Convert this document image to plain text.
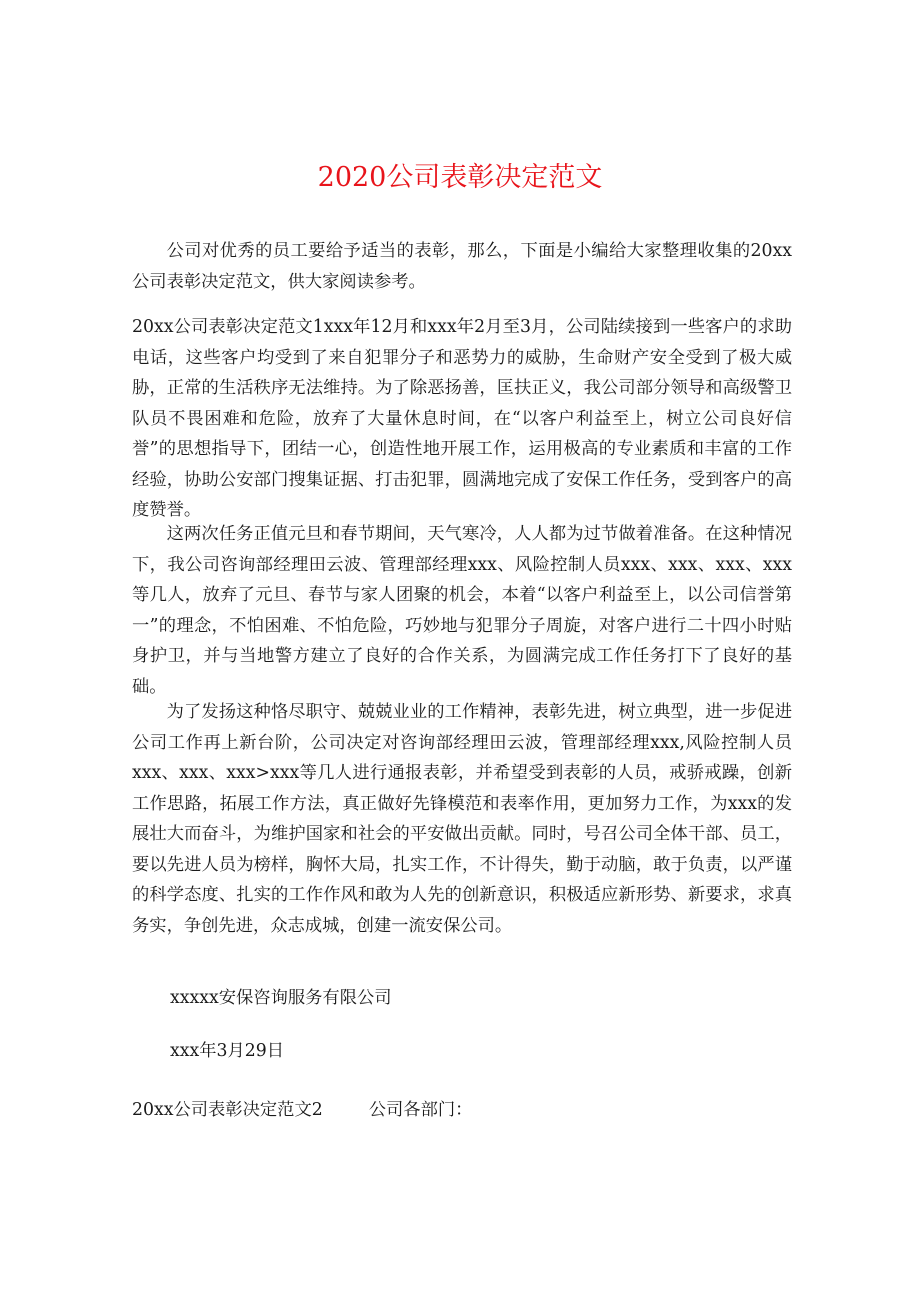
2020公司表彰决定范文

公司对优秀的员工要给予适当的表彰，那么，下面是小编给大家整理收集的20xx公司表彰决定范文，供大家阅读参考。

20xx公司表彰决定范文1xxx年12月和xxx年2月至3月，公司陆续接到一些客户的求助电话，这些客户均受到了来自犯罪分子和恶势力的威胁，生命财产安全受到了极大威胁，正常的生活秩序无法维持。为了除恶扬善，匡扶正义，我公司部分领导和高级警卫队员不畏困难和危险，放弃了大量休息时间，在“以客户利益至上，树立公司良好信誉”的思想指导下，团结一心，创造性地开展工作，运用极高的专业素质和丰富的工作经验，协助公安部门搜集证据、打击犯罪，圆满地完成了安保工作任务，受到客户的高度赞誉。

这两次任务正值元旦和春节期间，天气寒冷，人人都为过节做着准备。在这种情况下，我公司咨询部经理田云波、管理部经理xxx、风险控制人员xxx、xxx、xxx、xxx等几人，放弃了元旦、春节与家人团聚的机会，本着“以客户利益至上，以公司信誉第一”的理念，不怕困难、不怕危险，巧妙地与犯罪分子周旋，对客户进行二十四小时贴身护卫，并与当地警方建立了良好的合作关系，为圆满完成工作任务打下了良好的基础。

为了发扬这种恪尽职守、兢兢业业的工作精神，表彰先进，树立典型，进一步促进公司工作再上新台阶，公司决定对咨询部经理田云波，管理部经理xxx,风险控制人员xxx、xxx、xxx>xxx等几人进行通报表彰，并希望受到表彰的人员，戒骄戒躁，创新工作思路，拓展工作方法，真正做好先锋模范和表率作用，更加努力工作，为xxx的发展壮大而奋斗，为维护国家和社会的平安做出贡献。同时，号召公司全体干部、员工，要以先进人员为榜样，胸怀大局，扎实工作，不计得失，勤于动脑，敢于负责，以严谨的科学态度、扎实的工作作风和敢为人先的创新意识，积极适应新形势、新要求，求真务实，争创先进，众志成城，创建一流安保公司。

xxxxx安保咨询服务有限公司
xxx年3月29日
20xx公司表彰决定范文2	公司各部门：
